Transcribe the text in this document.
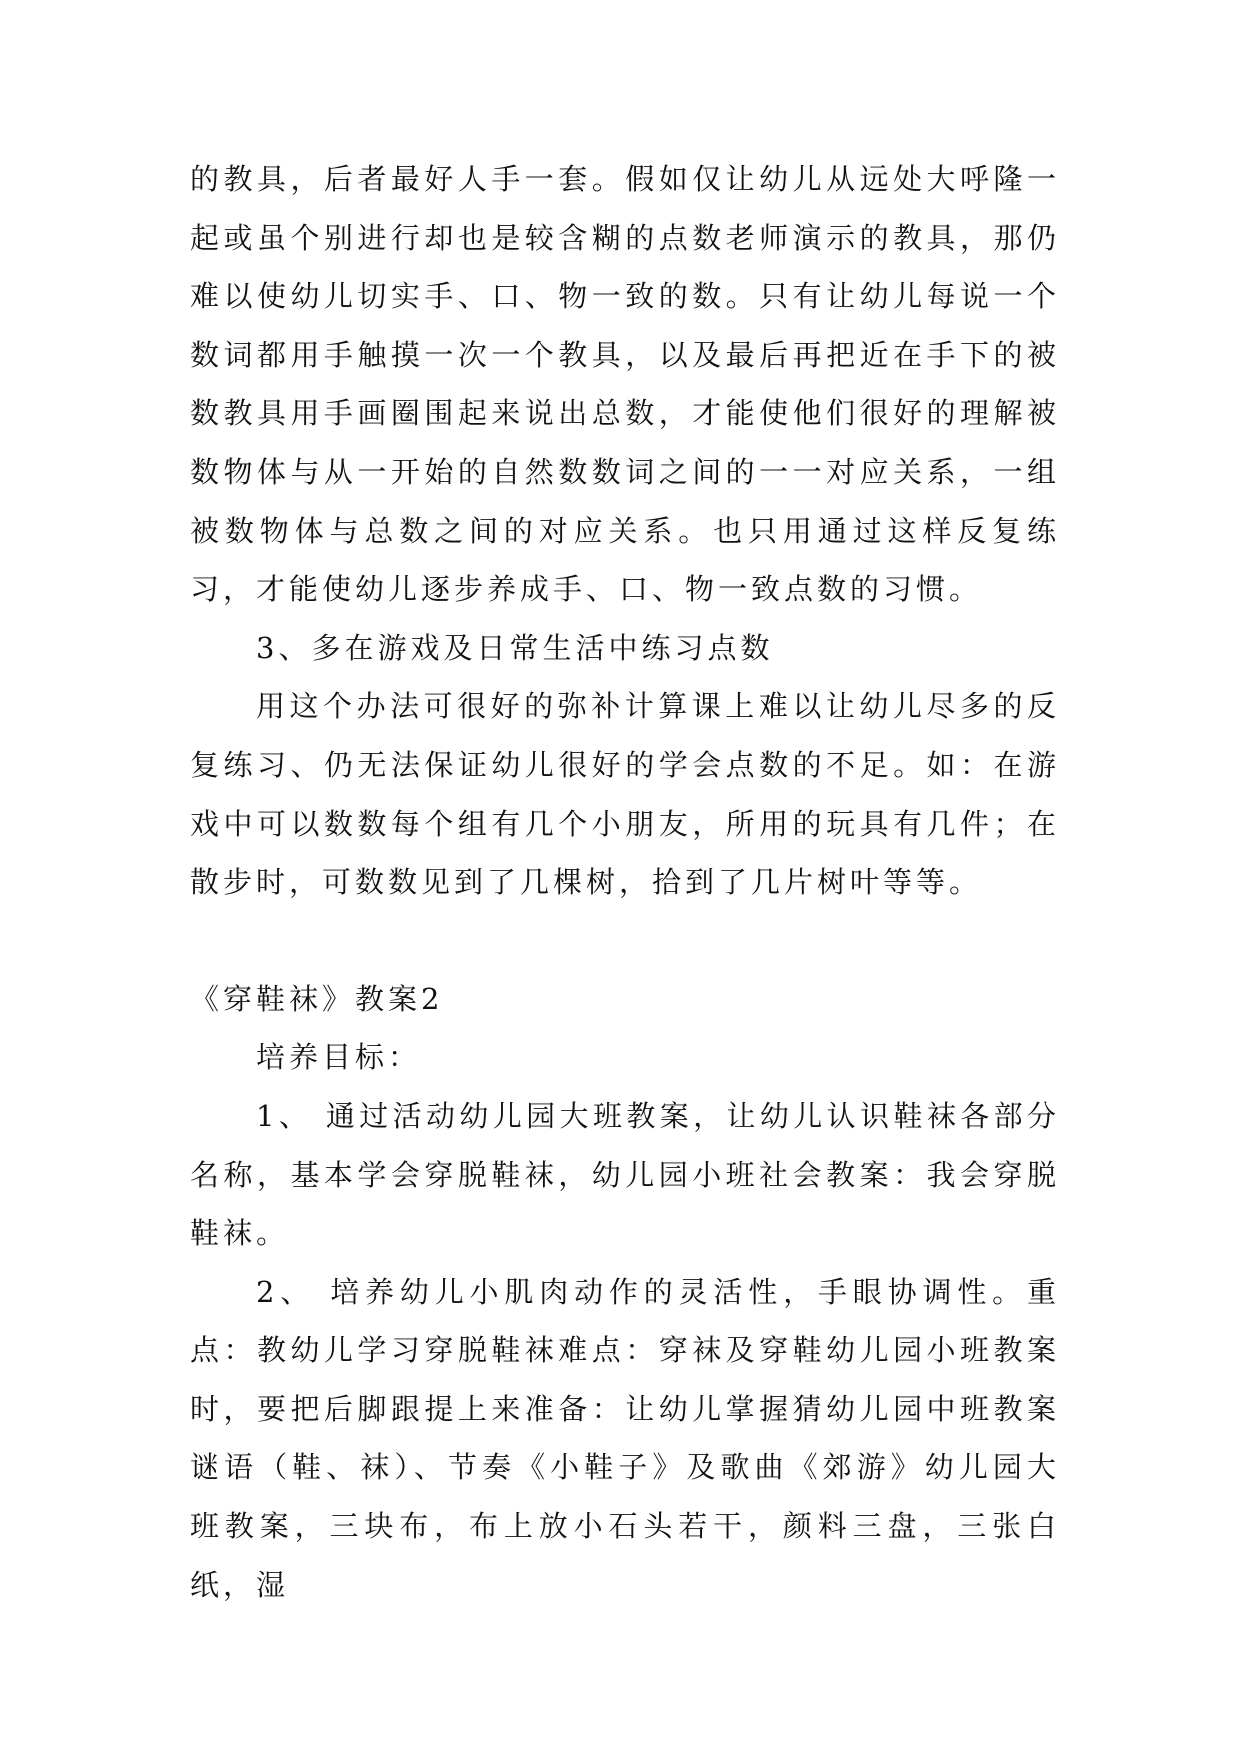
的教具，后者最好人手一套。假如仅让幼儿从远处大呼隆一起或虽个别进行却也是较含糊的点数老师演示的教具，那仍难以使幼儿切实手、口、物一致的数。只有让幼儿每说一个数词都用手触摸一次一个教具，以及最后再把近在手下的被数教具用手画圈围起来说出总数，才能使他们很好的理解被数物体与从一开始的自然数数词之间的一一对应关系，一组被数物体与总数之间的对应关系。也只用通过这样反复练习，才能使幼儿逐步养成手、口、物一致点数的习惯。

3、多在游戏及日常生活中练习点数

用这个办法可很好的弥补计算课上难以让幼儿尽多的反复练习、仍无法保证幼儿很好的学会点数的不足。如：在游戏中可以数数每个组有几个小朋友，所用的玩具有几件；在散步时，可数数见到了几棵树，拾到了几片树叶等等。

《穿鞋袜》教案2

培养目标：

1、 通过活动幼儿园大班教案，让幼儿认识鞋袜各部分名称，基本学会穿脱鞋袜，幼儿园小班社会教案：我会穿脱鞋袜。

2、 培养幼儿小肌肉动作的灵活性，手眼协调性。重点：教幼儿学习穿脱鞋袜难点：穿袜及穿鞋幼儿园小班教案时，要把后脚跟提上来准备：让幼儿掌握猜幼儿园中班教案谜语（鞋、袜）、节奏《小鞋子》及歌曲《郊游》幼儿园大班教案，三块布，布上放小石头若干，颜料三盘，三张白纸，湿
